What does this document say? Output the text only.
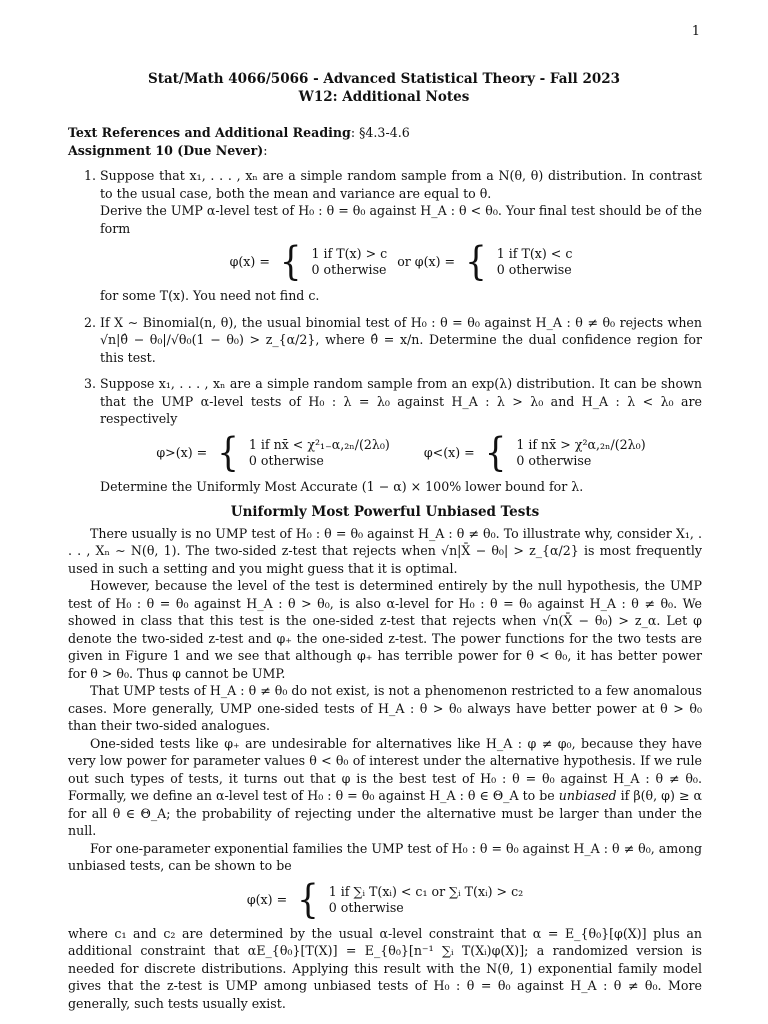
1
Stat/Math 4066/5066 - Advanced Statistical Theory - Fall 2023
W12: Additional Notes
Text References and Additional Reading: §4.3-4.6
Assignment 10 (Due Never):

1. Suppose that x₁, . . . , xₙ are a simple random sample from a N(θ, θ) distribution. In contrast to the usual case, both the mean and variance are equal to θ.

Derive the UMP α-level test of H₀ : θ = θ₀ against H_A : θ < θ₀. Your final test should be of the form

φ(x) = { 1 if T(x) > c
0 otherwise
or φ(x) = { 1 if T(x) < c
0 otherwise

for some T(x). You need not find c.

2. If X ∼ Binomial(n, θ), the usual binomial test of H₀ : θ = θ₀ against H_A : θ ≠ θ₀ rejects when √n|θ̂ − θ₀|/√θ₀(1 − θ₀) > z_{α/2}, where θ̂ = x/n. Determine the dual confidence region for this test.

3. Suppose x₁, . . . , xₙ are a simple random sample from an exp(λ) distribution. It can be shown that the UMP α-level tests of H₀ : λ = λ₀ against H_A : λ > λ₀ and H_A : λ < λ₀ are respectively

φ>(x) = { 1 if nx̄ < χ²₁₋α,₂ₙ/(2λ₀)
0 otherwise
φ<(x) = { 1 if nx̄ > χ²α,₂ₙ/(2λ₀)
0 otherwise

Determine the Uniformly Most Accurate (1 − α) × 100% lower bound for λ.

Uniformly Most Powerful Unbiased Tests

There usually is no UMP test of H₀ : θ = θ₀ against H_A : θ ≠ θ₀. To illustrate why, consider X₁, . . . , Xₙ ∼ N(θ, 1). The two-sided z-test that rejects when √n|X̄ − θ₀| > z_{α/2} is most frequently used in such a setting and you might guess that it is optimal.

However, because the level of the test is determined entirely by the null hypothesis, the UMP test of H₀ : θ = θ₀ against H_A : θ > θ₀, is also α-level for H₀ : θ = θ₀ against H_A : θ ≠ θ₀. We showed in class that this test is the one-sided z-test that rejects when √n(X̄ − θ₀) > z_α. Let φ denote the two-sided z-test and φ₊ the one-sided z-test. The power functions for the two tests are given in Figure 1 and we see that although φ₊ has terrible power for θ < θ₀, it has better power for θ > θ₀. Thus φ cannot be UMP.

That UMP tests of H_A : θ ≠ θ₀ do not exist, is not a phenomenon restricted to a few anomalous cases. More generally, UMP one-sided tests of H_A : θ > θ₀ always have better power at θ > θ₀ than their two-sided analogues.

One-sided tests like φ₊ are undesirable for alternatives like H_A : φ ≠ φ₀, because they have very low power for parameter values θ < θ₀ of interest under the alternative hypothesis. If we rule out such types of tests, it turns out that φ is the best test of H₀ : θ = θ₀ against H_A : θ ≠ θ₀. Formally, we define an α-level test of H₀ : θ = θ₀ against H_A : θ ∈ Θ_A to be unbiased if β(θ, φ) ≥ α for all θ ∈ Θ_A; the probability of rejecting under the alternative must be larger than under the null.

For one-parameter exponential families the UMP test of H₀ : θ = θ₀ against H_A : θ ≠ θ₀, among unbiased tests, can be shown to be

φ(x) = { 1 if ∑ᵢ T(xᵢ) < c₁ or ∑ᵢ T(xᵢ) > c₂
0 otherwise

where c₁ and c₂ are determined by the usual α-level constraint that α = E_{θ₀}[φ(X)] plus an additional constraint that αE_{θ₀}[T(X)] = E_{θ₀}[n⁻¹ ∑ᵢ T(Xᵢ)φ(X)]; a randomized version is needed for discrete distributions. Applying this result with the N(θ, 1) exponential family model gives that the z-test is UMP among unbiased tests of H₀ : θ = θ₀ against H_A : θ ≠ θ₀. More generally, such tests usually exist.
